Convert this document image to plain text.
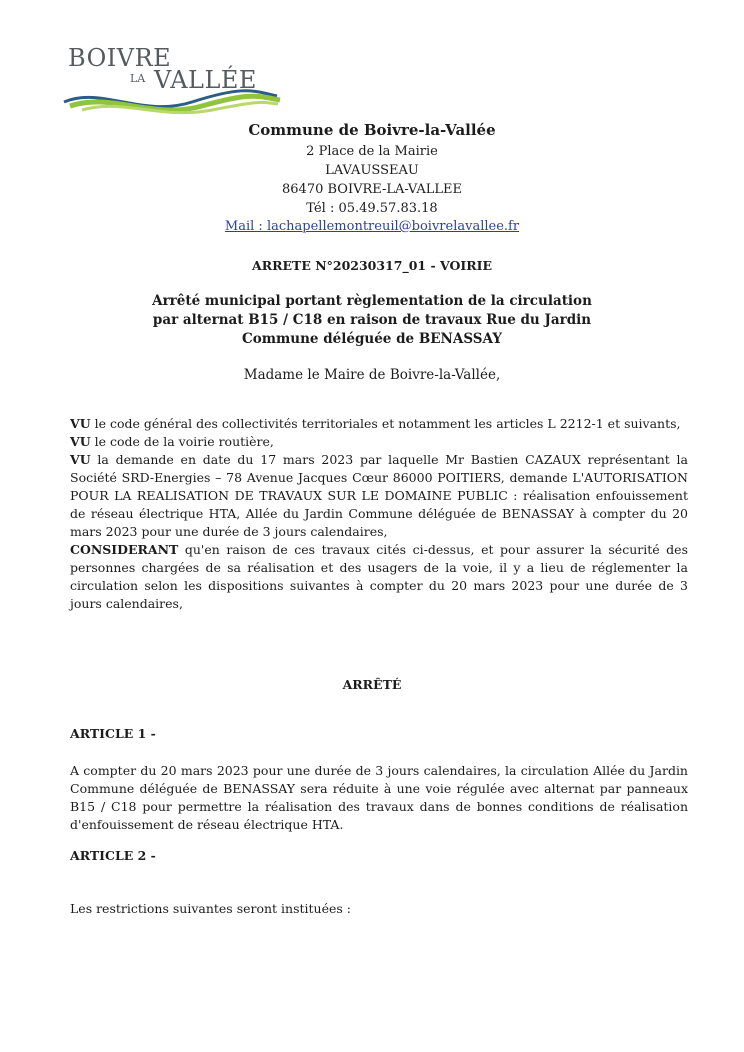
BOIVRE
LA VALLÉE
Commune de Boivre-la-Vallée
2 Place de la Mairie
LAVAUSSEAU
86470 BOIVRE-LA-VALLEE
Tél : 05.49.57.83.18
Mail : lachapellemontreuil@boivrelavallee.fr
ARRETE N°20230317_01 - VOIRIE
Arrêté municipal portant règlementation de la circulation
par alternat B15 / C18 en raison de travaux Rue du Jardin
Commune déléguée de BENASSAY
Madame le Maire de Boivre-la-Vallée,

VU le code général des collectivités territoriales et notamment les articles L 2212-1 et suivants,

VU le code de la voirie routière,

VU la demande en date du 17 mars 2023 par laquelle Mr Bastien CAZAUX représentant la Société SRD-Energies – 78 Avenue Jacques Cœur 86000 POITIERS, demande L'AUTORISATION POUR LA REALISATION DE TRAVAUX SUR LE DOMAINE PUBLIC : réalisation enfouissement de réseau électrique HTA, Allée du Jardin Commune déléguée de BENASSAY à compter du 20 mars 2023 pour une durée de 3 jours calendaires,

CONSIDERANT qu'en raison de ces travaux cités ci-dessus, et pour assurer la sécurité des personnes chargées de sa réalisation et des usagers de la voie, il y a lieu de réglementer la circulation selon les dispositions suivantes à compter du 20 mars 2023 pour une durée de 3 jours calendaires,

ARRÊTÉ
ARTICLE 1 -
A compter du 20 mars 2023 pour une durée de 3 jours calendaires, la circulation Allée du Jardin Commune déléguée de BENASSAY sera réduite à une voie régulée avec alternat par panneaux B15 / C18 pour permettre la réalisation des travaux dans de bonnes conditions de réalisation d'enfouissement de réseau électrique HTA.
ARTICLE 2 -
Les restrictions suivantes seront instituées :
